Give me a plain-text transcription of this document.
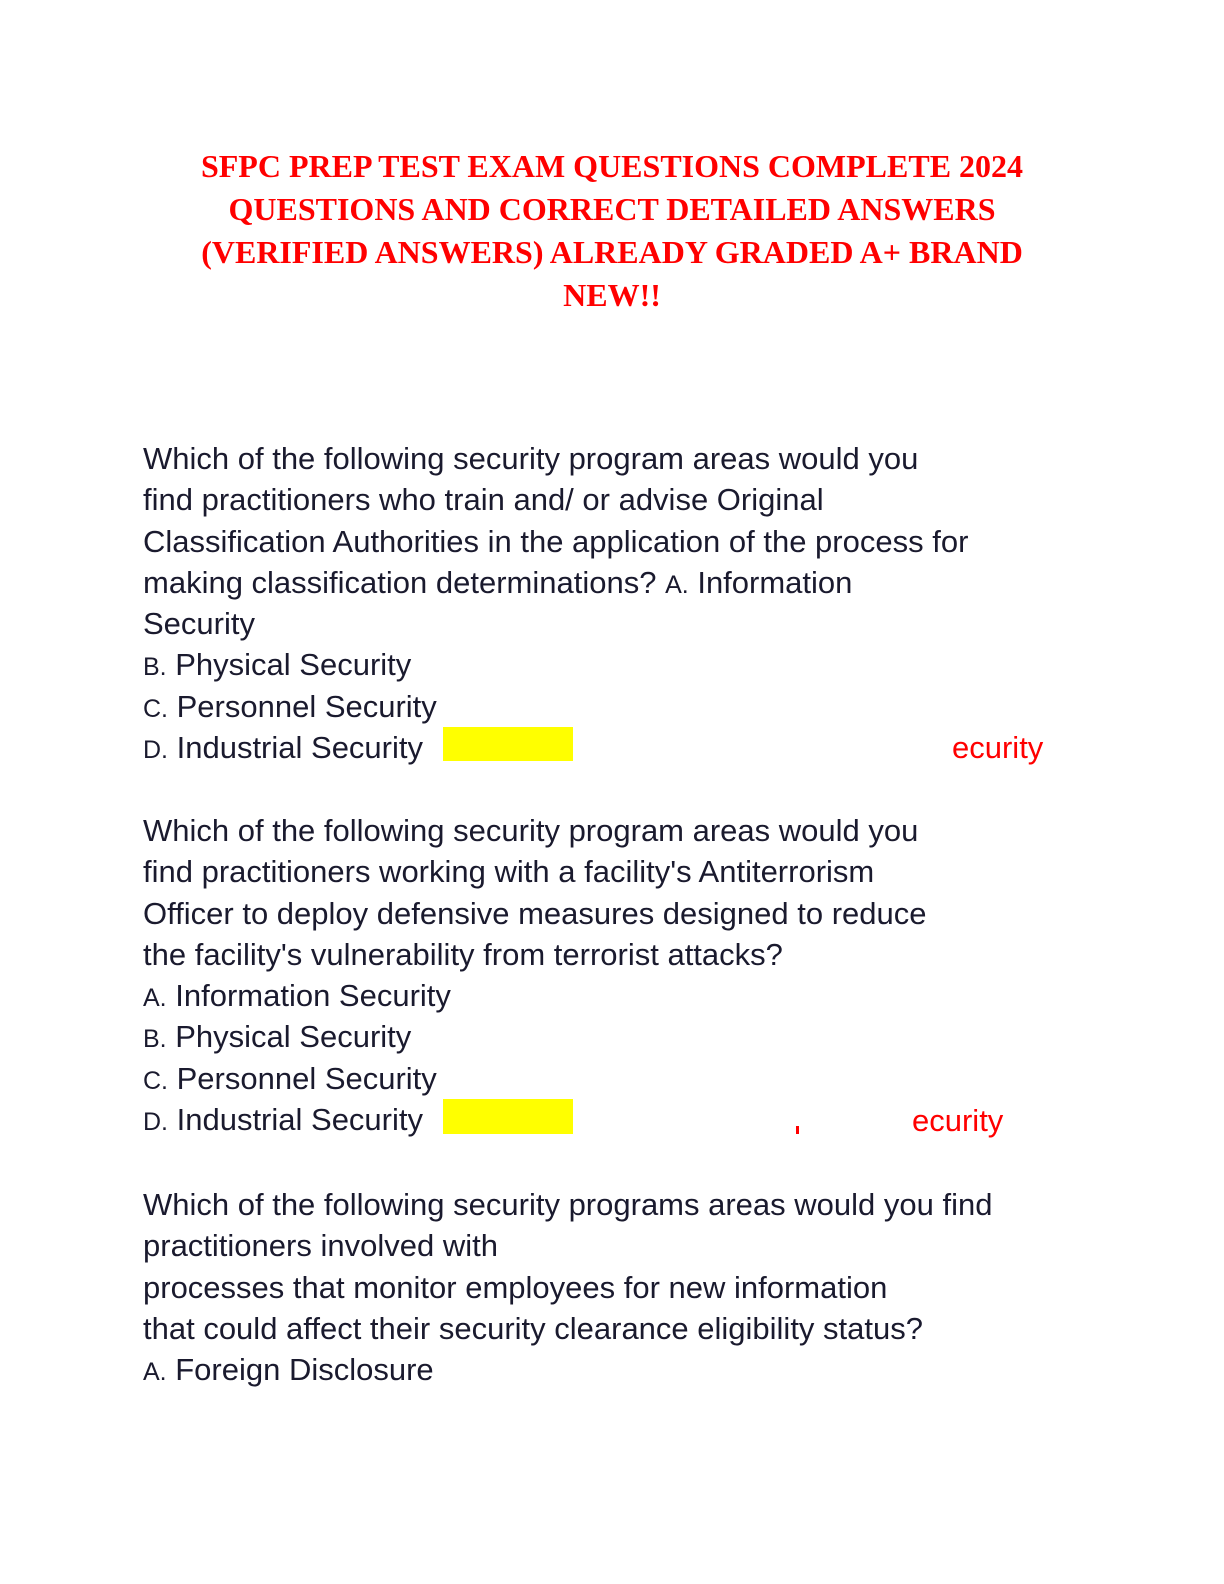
SFPC PREP TEST EXAM QUESTIONS COMPLETE 2024
QUESTIONS AND CORRECT DETAILED ANSWERS
(VERIFIED ANSWERS) ALREADY GRADED A+ BRAND
NEW!!
Which of the following security program areas would you
find practitioners who train and/ or advise Original
Classification Authorities in the application of the process for
making classification determinations? A. Information
Security
B. Physical Security
C. Personnel Security
D. Industrial Security	ecurity
Which of the following security program areas would you
find practitioners working with a facility's Antiterrorism
Officer to deploy defensive measures designed to reduce
the facility's vulnerability from terrorist attacks?
A. Information Security
B. Physical Security
C. Personnel Security
D. Industrial Security	ecurity
Which of the following security programs areas would you find
practitioners involved with
processes that monitor employees for new information
that could affect their security clearance eligibility status?
A. Foreign Disclosure
